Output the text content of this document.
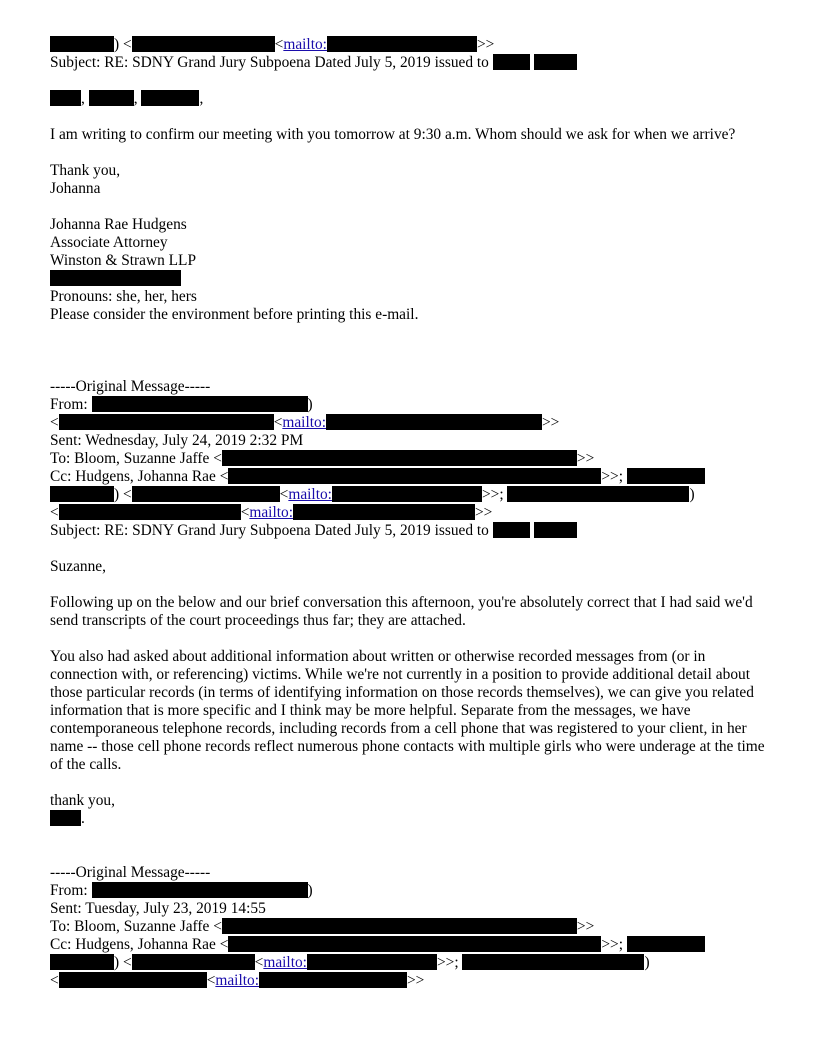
) <	<mailto:	>>
Subject: RE: SDNY Grand Jury Subpoena Dated July 5, 2019 issued to
,	,	,
I am writing to confirm our meeting with you tomorrow at 9:30 a.m. Whom should we ask for when we arrive?
Thank you,
Johanna
Johanna Rae Hudgens
Associate Attorney
Winston & Strawn LLP
Pronouns: she, her, hers
Please consider the environment before printing this e-mail.
-----Original Message-----
From:	)
<	<mailto:	>>
Sent: Wednesday, July 24, 2019 2:32 PM
To: Bloom, Suzanne Jaffe <	>>
Cc: Hudgens, Johanna Rae <	>>;
) <	<mailto:	>>;	)
<	<mailto:	>>
Subject: RE: SDNY Grand Jury Subpoena Dated July 5, 2019 issued to
Suzanne,
Following up on the below and our brief conversation this afternoon, you're absolutely correct that I had said we'd send transcripts of the court proceedings thus far; they are attached.
You also had asked about additional information about written or otherwise recorded messages from (or in connection with, or referencing) victims. While we're not currently in a position to provide additional detail about those particular records (in terms of identifying information on those records themselves), we can give you related information that is more specific and I think may be more helpful. Separate from the messages, we have contemporaneous telephone records, including records from a cell phone that was registered to your client, in her name -- those cell phone records reflect numerous phone contacts with multiple girls who were underage at the time of the calls.
thank you,
.
-----Original Message-----
From:	)
Sent: Tuesday, July 23, 2019 14:55
To: Bloom, Suzanne Jaffe <	>>
Cc: Hudgens, Johanna Rae <	>>;
) <	<mailto:	>>;	)
<	<mailto:	>>
